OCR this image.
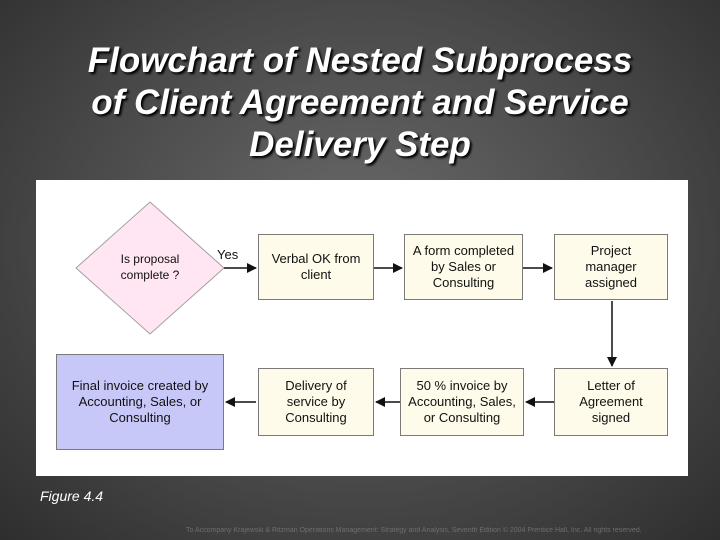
Flowchart of Nested Subprocess
of Client Agreement and Service
Delivery Step
Is proposal
complete ?
Yes	Verbal OK from
client
A form completed
by Sales or
Consulting
Project
manager
assigned
Letter of
Agreement
signed
50 % invoice by
Accounting, Sales,
or Consulting
Delivery of
service by
Consulting
Final invoice created by
Accounting, Sales, or
Consulting
Figure 4.4
To Accompany Krajewski & Ritzman Operations Management: Strategy and Analysis, Seventh Edition © 2004 Prentice Hall, Inc. All rights reserved.
